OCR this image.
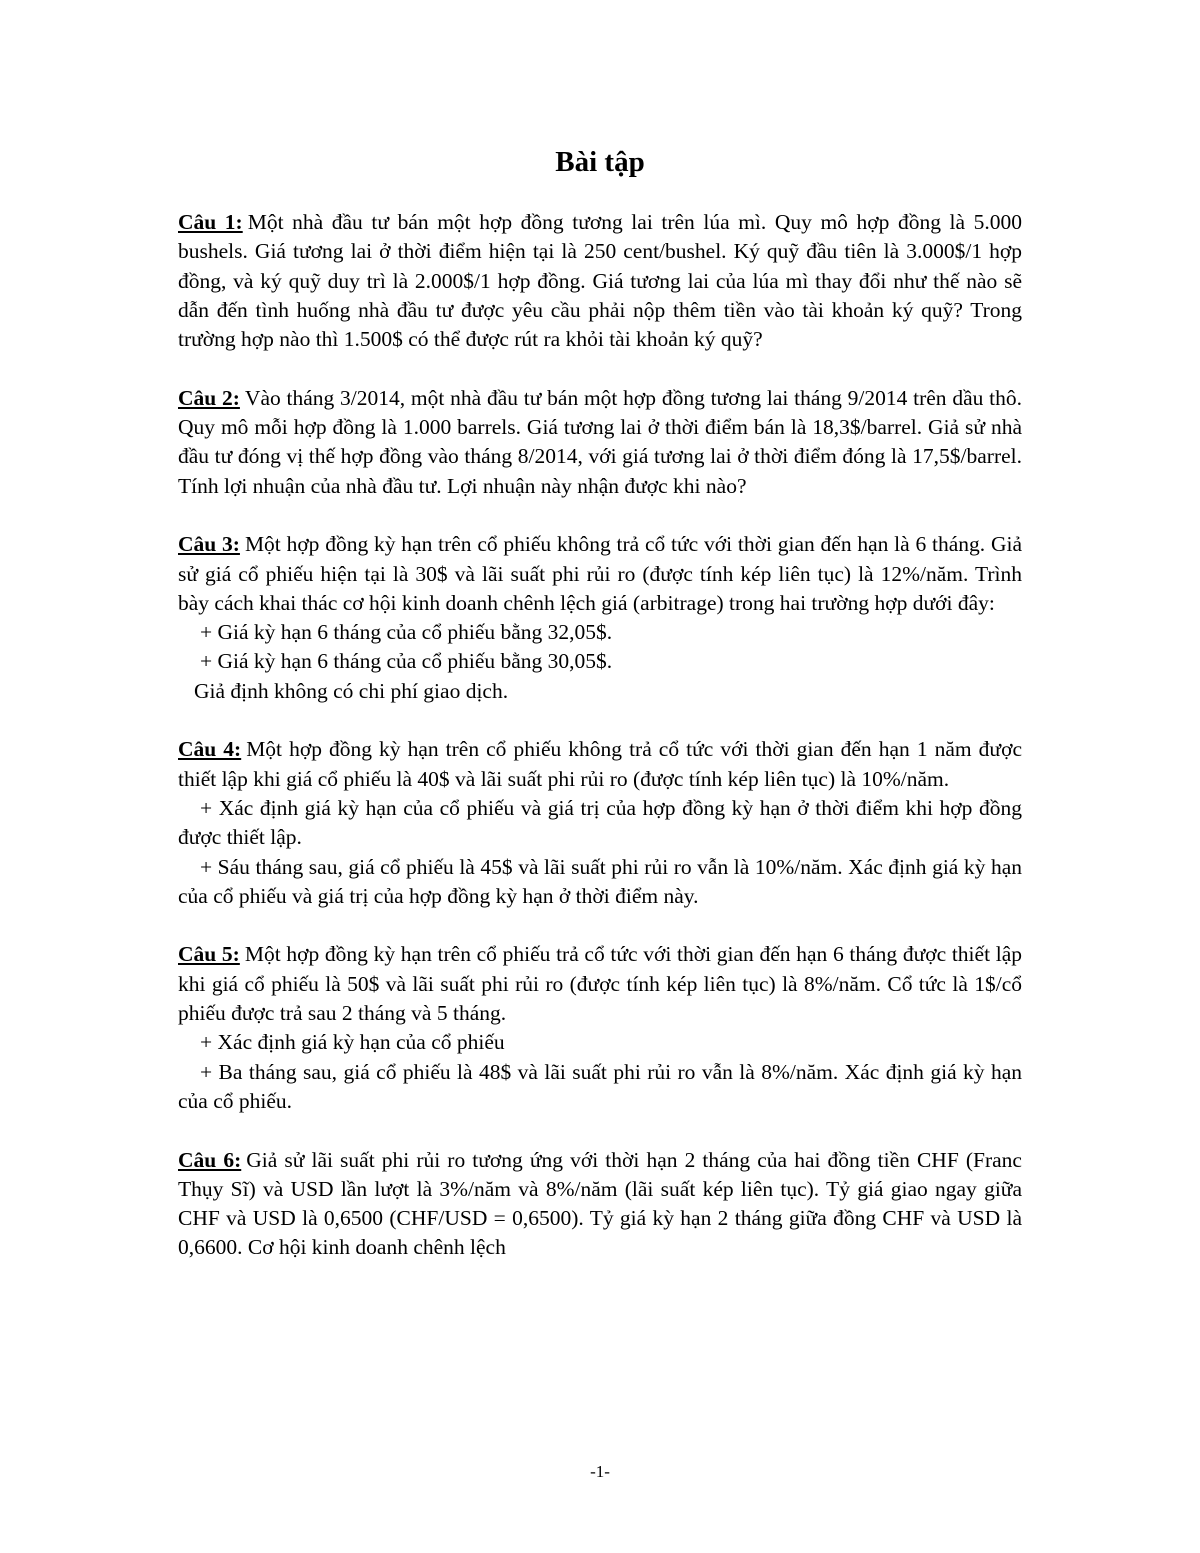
Bài tập

Câu 1: Một nhà đầu tư bán một hợp đồng tương lai trên lúa mì. Quy mô hợp đồng là 5.000 bushels. Giá tương lai ở thời điểm hiện tại là 250 cent/bushel. Ký quỹ đầu tiên là 3.000$/1 hợp đồng, và ký quỹ duy trì là 2.000$/1 hợp đồng. Giá tương lai của lúa mì thay đổi như thế nào sẽ dẫn đến tình huống nhà đầu tư được yêu cầu phải nộp thêm tiền vào tài khoản ký quỹ? Trong trường hợp nào thì 1.500$ có thể được rút ra khỏi tài khoản ký quỹ?

Câu 2: Vào tháng 3/2014, một nhà đầu tư bán một hợp đồng tương lai tháng 9/2014 trên dầu thô. Quy mô mỗi hợp đồng là 1.000 barrels. Giá tương lai ở thời điểm bán là 18,3$/barrel. Giả sử nhà đầu tư đóng vị thế hợp đồng vào tháng 8/2014, với giá tương lai ở thời điểm đóng là 17,5$/barrel. Tính lợi nhuận của nhà đầu tư. Lợi nhuận này nhận được khi nào?

Câu 3: Một hợp đồng kỳ hạn trên cổ phiếu không trả cổ tức với thời gian đến hạn là 6 tháng. Giả sử giá cổ phiếu hiện tại là 30$ và lãi suất phi rủi ro (được tính kép liên tục) là 12%/năm. Trình bày cách khai thác cơ hội kinh doanh chênh lệch giá (arbitrage) trong hai trường hợp dưới đây:

+ Giá kỳ hạn 6 tháng của cổ phiếu bằng 32,05$.

+ Giá kỳ hạn 6 tháng của cổ phiếu bằng 30,05$.

Giả định không có chi phí giao dịch.

Câu 4: Một hợp đồng kỳ hạn trên cổ phiếu không trả cổ tức với thời gian đến hạn 1 năm được thiết lập khi giá cổ phiếu là 40$ và lãi suất phi rủi ro (được tính kép liên tục) là 10%/năm.

+ Xác định giá kỳ hạn của cổ phiếu và giá trị của hợp đồng kỳ hạn ở thời điểm khi hợp đồng được thiết lập.

+ Sáu tháng sau, giá cổ phiếu là 45$ và lãi suất phi rủi ro vẫn là 10%/năm. Xác định giá kỳ hạn của cổ phiếu và giá trị của hợp đồng kỳ hạn ở thời điểm này.

Câu 5: Một hợp đồng kỳ hạn trên cổ phiếu trả cổ tức với thời gian đến hạn 6 tháng được thiết lập khi giá cổ phiếu là 50$ và lãi suất phi rủi ro (được tính kép liên tục) là 8%/năm. Cổ tức là 1$/cổ phiếu được trả sau 2 tháng và 5 tháng.

+ Xác định giá kỳ hạn của cổ phiếu

+ Ba tháng sau, giá cổ phiếu là 48$ và lãi suất phi rủi ro vẫn là 8%/năm. Xác định giá kỳ hạn của cổ phiếu.

Câu 6: Giả sử lãi suất phi rủi ro tương ứng với thời hạn 2 tháng của hai đồng tiền CHF (Franc Thụy Sĩ) và USD lần lượt là 3%/năm và 8%/năm (lãi suất kép liên tục). Tỷ giá giao ngay giữa CHF và USD là 0,6500 (CHF/USD = 0,6500). Tỷ giá kỳ hạn 2 tháng giữa đồng CHF và USD là 0,6600. Cơ hội kinh doanh chênh lệch

-1-
